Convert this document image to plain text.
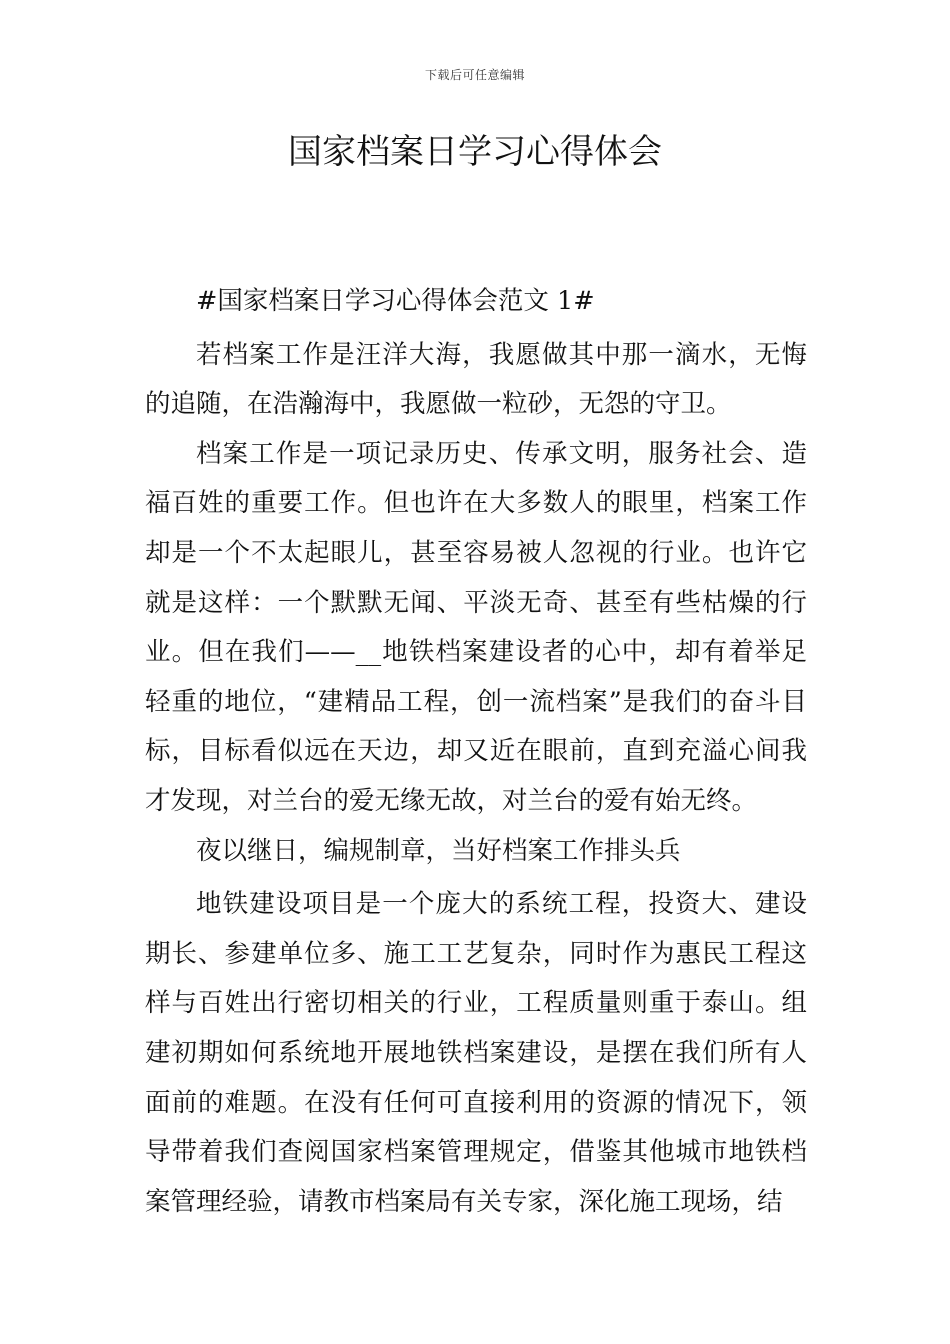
下载后可任意编辑
国家档案日学习心得体会

#国家档案日学习心得体会范文 1#

若档案工作是汪洋大海，我愿做其中那一滴水，无悔的追随，在浩瀚海中，我愿做一粒砂，无怨的守卫。

档案工作是一项记录历史、传承文明，服务社会、造福百姓的重要工作。但也许在大多数人的眼里，档案工作却是一个不太起眼儿，甚至容易被人忽视的行业。也许它就是这样：一个默默无闻、平淡无奇、甚至有些枯燥的行业。但在我们——__地铁档案建设者的心中，却有着举足轻重的地位，“建精品工程，创一流档案”是我们的奋斗目标，目标看似远在天边，却又近在眼前，直到充溢心间我才发现，对兰台的爱无缘无故，对兰台的爱有始无终。

夜以继日，编规制章，当好档案工作排头兵

地铁建设项目是一个庞大的系统工程，投资大、建设期长、参建单位多、施工工艺复杂，同时作为惠民工程这样与百姓出行密切相关的行业，工程质量则重于泰山。组建初期如何系统地开展地铁档案建设，是摆在我们所有人面前的难题。在没有任何可直接利用的资源的情况下，领导带着我们查阅国家档案管理规定，借鉴其他城市地铁档案管理经验，请教市档案局有关专家，深化施工现场，结
